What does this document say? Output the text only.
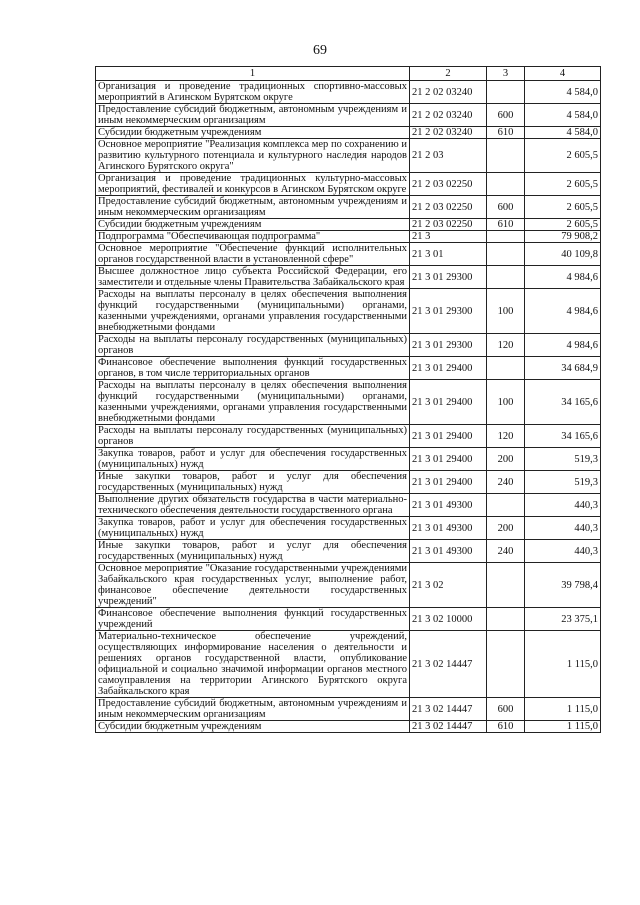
69
1	2	3	4
Организация и проведение традиционных спортивно-массовых мероприятий в Агинском Бурятском округе	21 2 02 03240		4 584,0
Предоставление субсидий бюджетным, автономным учреждениям и иным некоммерческим организациям	21 2 02 03240	600	4 584,0
Субсидии бюджетным учреждениям	21 2 02 03240	610	4 584,0
Основное мероприятие "Реализация комплекса мер по сохранению и развитию культурного потенциала и культурного наследия народов Агинского Бурятского округа"	21 2 03		2 605,5
Организация и проведение традиционных культурно-массовых мероприятий, фестивалей и конкурсов в Агинском Бурятском округе	21 2 03 02250		2 605,5
Предоставление субсидий бюджетным, автономным учреждениям и иным некоммерческим организациям	21 2 03 02250	600	2 605,5
Субсидии бюджетным учреждениям	21 2 03 02250	610	2 605,5
Подпрограмма "Обеспечивающая подпрограмма"	21 3		79 908,2
Основное мероприятие "Обеспечение функций исполнительных органов государственной власти в установленной сфере"	21 3 01		40 109,8
Высшее должностное лицо субъекта Российской Федерации, его заместители и отдельные члены Правительства Забайкальского края	21 3 01 29300		4 984,6
Расходы на выплаты персоналу в целях обеспечения выполнения функций государственными (муниципальными) органами, казенными учреждениями, органами управления государственными внебюджетными фондами	21 3 01 29300	100	4 984,6
Расходы на выплаты персоналу государственных (муниципальных) органов	21 3 01 29300	120	4 984,6
Финансовое обеспечение выполнения функций государственных органов, в том числе территориальных органов	21 3 01 29400		34 684,9
Расходы на выплаты персоналу в целях обеспечения выполнения функций государственными (муниципальными) органами, казенными учреждениями, органами управления государственными внебюджетными фондами	21 3 01 29400	100	34 165,6
Расходы на выплаты персоналу государственных (муниципальных) органов	21 3 01 29400	120	34 165,6
Закупка товаров, работ и услуг для обеспечения государственных (муниципальных) нужд	21 3 01 29400	200	519,3
Иные закупки товаров, работ и услуг для обеспечения государственных (муниципальных) нужд	21 3 01 29400	240	519,3
Выполнение других обязательств государства в части материально-технического обеспечения деятельности государственного органа	21 3 01 49300		440,3
Закупка товаров, работ и услуг для обеспечения государственных (муниципальных) нужд	21 3 01 49300	200	440,3
Иные закупки товаров, работ и услуг для обеспечения государственных (муниципальных) нужд	21 3 01 49300	240	440,3
Основное мероприятие "Оказание государственными учреждениями Забайкальского края государственных услуг, выполнение работ, финансовое обеспечение деятельности государственных учреждений"	21 3 02		39 798,4
Финансовое обеспечение выполнения функций государственных учреждений	21 3 02 10000		23 375,1
Материально-техническое обеспечение учреждений, осуществляющих информирование населения о деятельности и решениях органов государственной власти, опубликование официальной и социально значимой информации органов местного самоуправления на территории Агинского Бурятского округа Забайкальского края	21 3 02 14447		1 115,0
Предоставление субсидий бюджетным, автономным учреждениям и иным некоммерческим организациям	21 3 02 14447	600	1 115,0
Субсидии бюджетным учреждениям	21 3 02 14447	610	1 115,0
